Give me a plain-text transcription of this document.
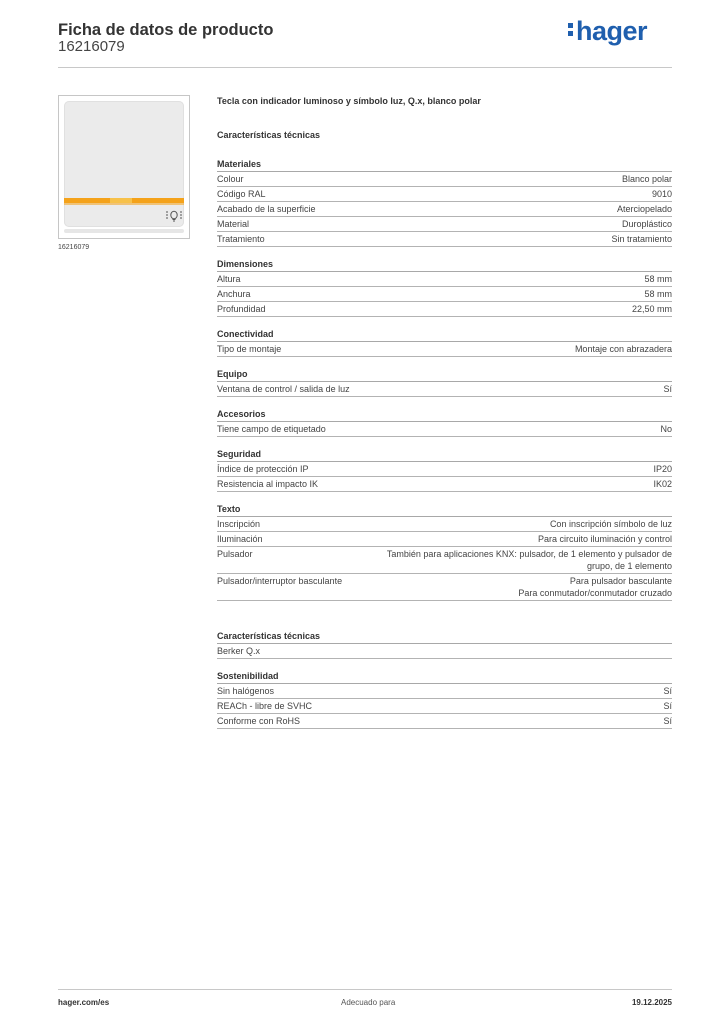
Ficha de datos de producto
16216079
hager
16216079
Tecla con indicador luminoso y símbolo luz, Q.x, blanco polar
Características técnicas
Materiales
Colour	Blanco polar
Código RAL	9010
Acabado de la superficie	Aterciopelado
Material	Duroplástico
Tratamiento	Sin tratamiento
Dimensiones
Altura	58 mm
Anchura	58 mm
Profundidad	22,50 mm
Conectividad
Tipo de montaje	Montaje con abrazadera
Equipo
Ventana de control / salida de luz	Sí
Accesorios
Tiene campo de etiquetado	No
Seguridad
Índice de protección IP	IP20
Resistencia al impacto IK	IK02
Texto
Inscripción	Con inscripción símbolo de luz
Iluminación	Para circuito iluminación y control
Pulsador	También para aplicaciones KNX: pulsador, de 1 elemento y pulsador de
grupo, de 1 elemento
Pulsador/interruptor basculante	Para pulsador basculante
Para conmutador/conmutador cruzado
Características técnicas
Berker Q.x
Sostenibilidad
Sin halógenos	Sí
REACh - libre de SVHC	Sí
Conforme con RoHS	Sí
hager.com/es	Adecuado para	19.12.2025
